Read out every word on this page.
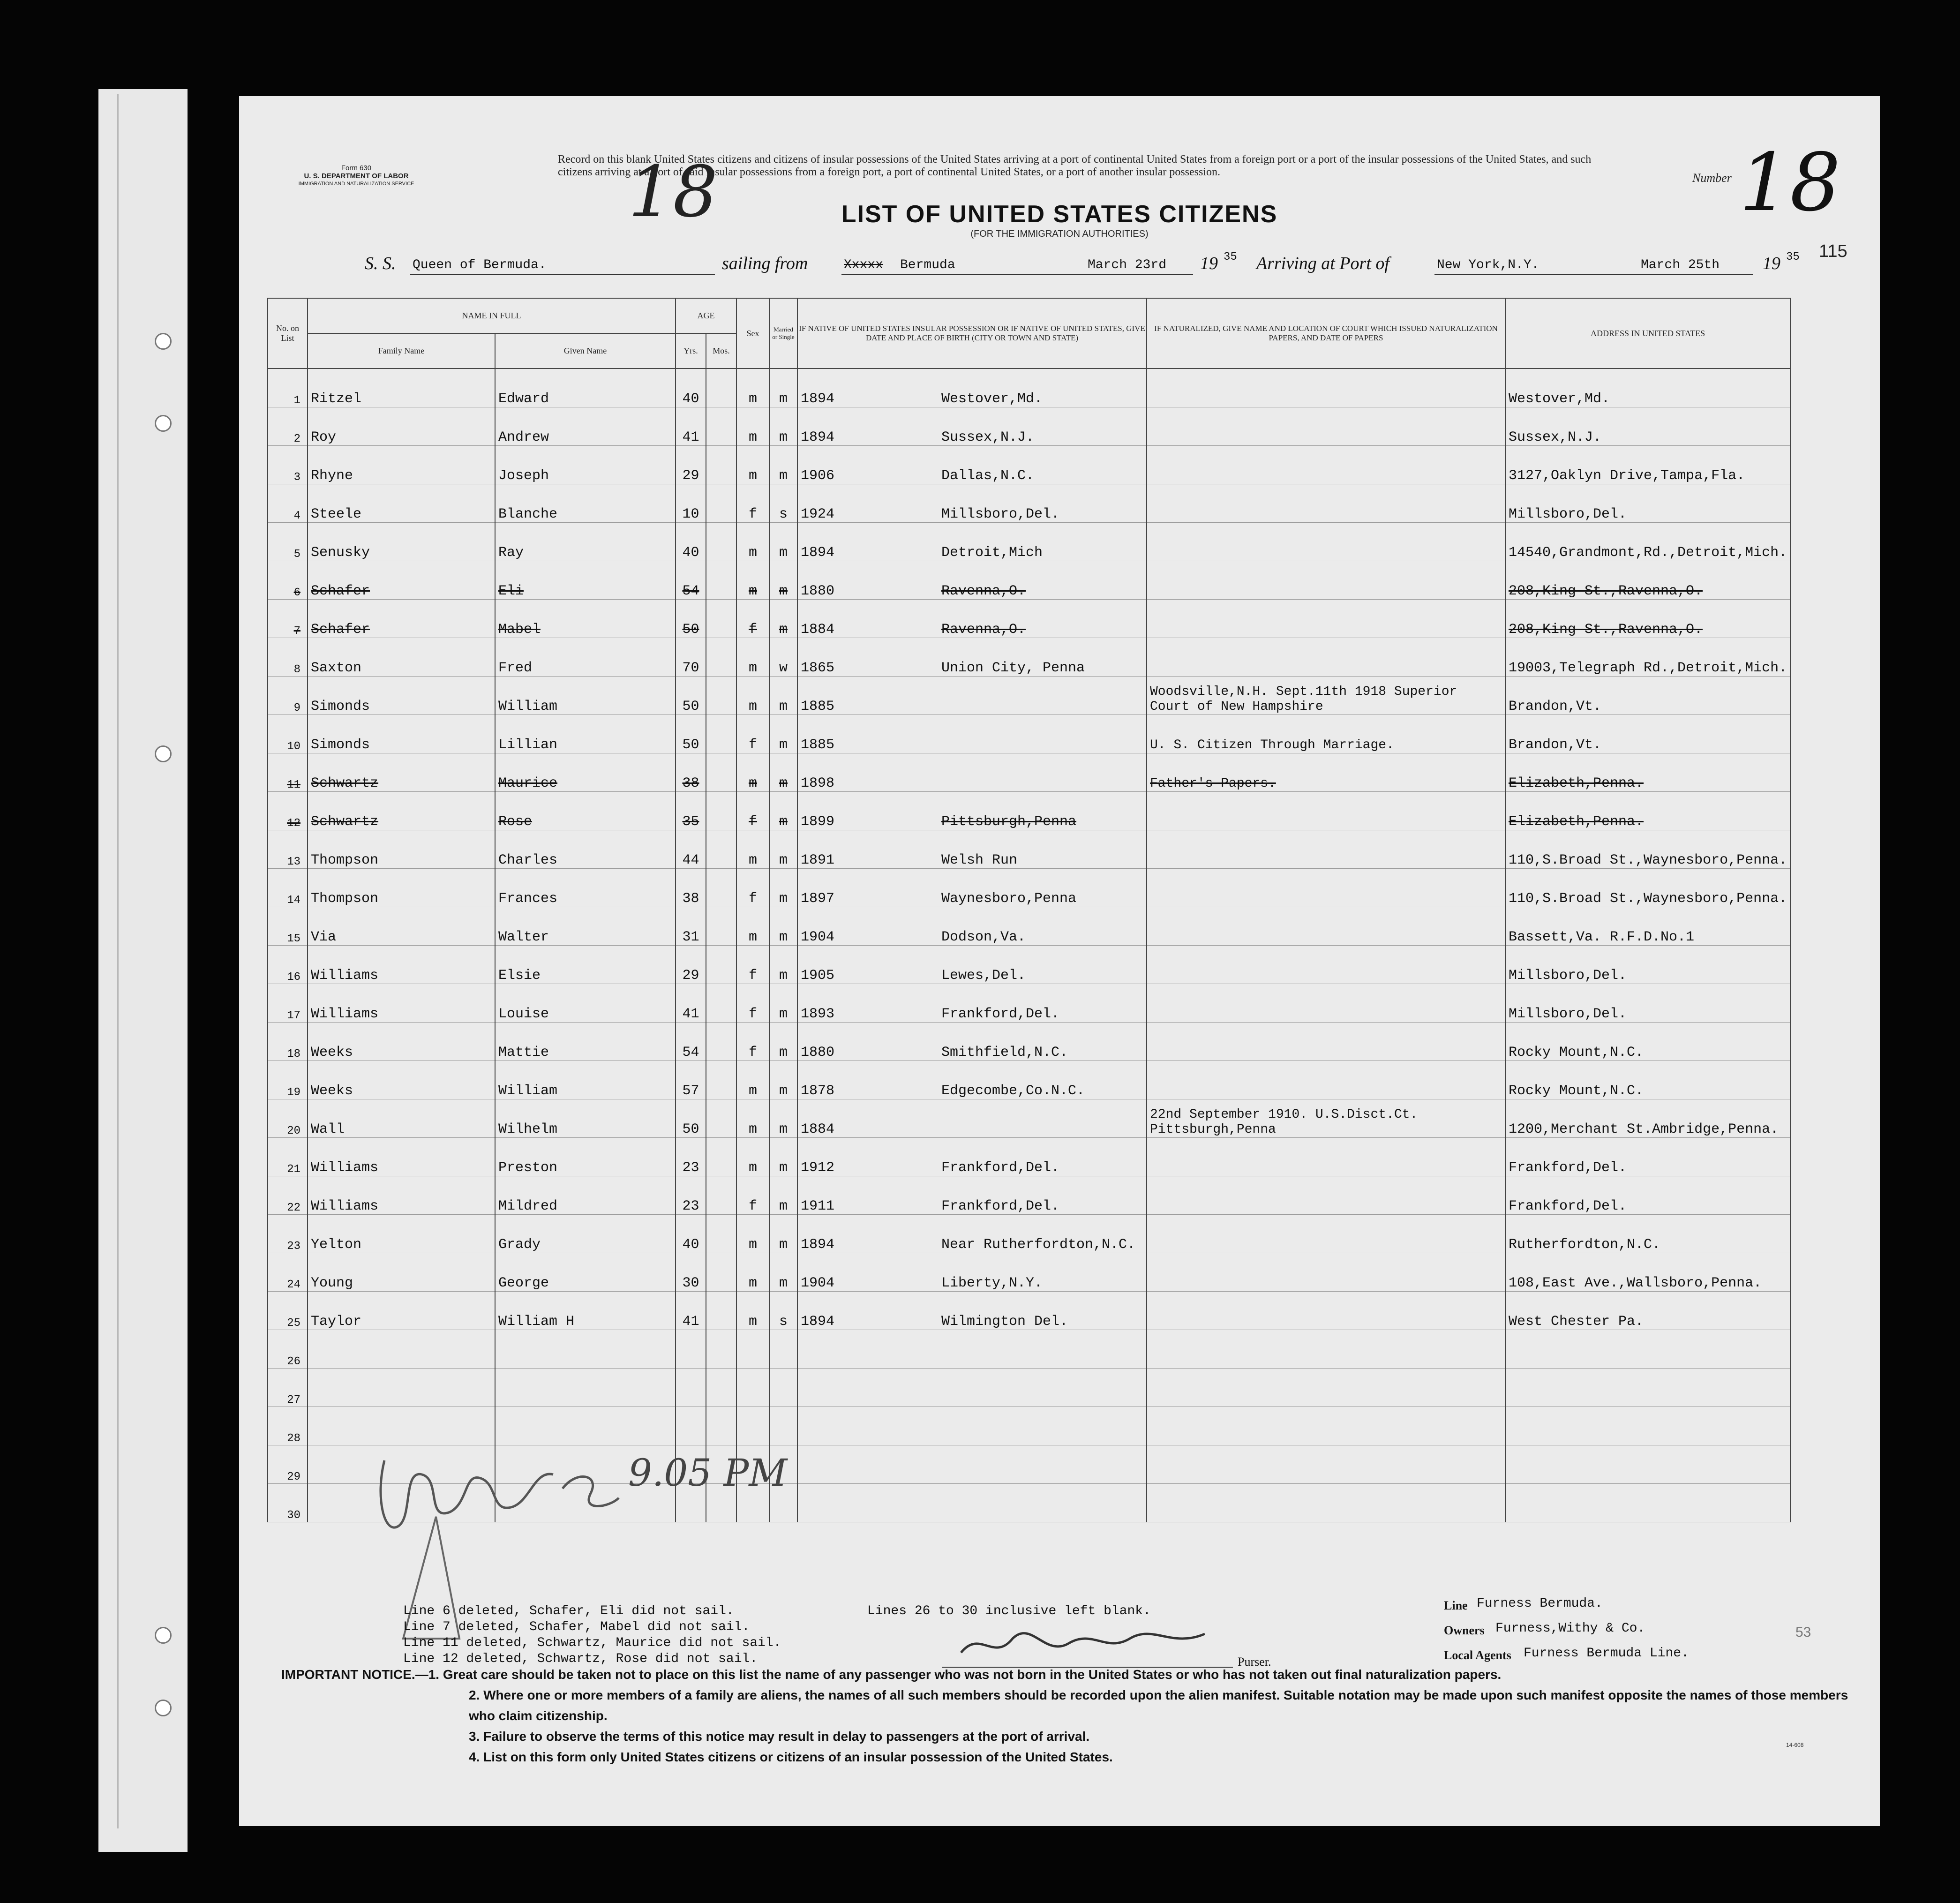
Form 630
U. S. DEPARTMENT OF LABOR
IMMIGRATION AND NATURALIZATION SERVICE
Record on this blank United States citizens and citizens of insular possessions of the United States arriving at a port of continental United States from a foreign port or a port of the insular possessions of the United States, and such citizens arriving at a port of said insular possessions from a foreign port, a port of continental United States, or a port of another insular possession.
18	LIST OF UNITED STATES CITIZENS
(FOR THE IMMIGRATION AUTHORITIES)
Number 18
115
S. S. Queen of Bermuda.	sailing from	Xxxxx Bermuda	March 23rd 19 35 Arriving at Port of	New York,N.Y.	March 25th 19 35
No. on List	NAME IN FULL		AGE		Sex	Married or Single	IF NATIVE OF UNITED STATES INSULAR POSSESSION OR IF NATIVE OF UNITED STATES, GIVE DATE AND PLACE OF BIRTH (CITY OR TOWN AND STATE)	IF NATURALIZED, GIVE NAME AND LOCATION OF COURT WHICH ISSUED NATURALIZATION PAPERS, AND DATE OF PAPERS	ADDRESS IN UNITED STATES
	Family Name	Given Name	Yrs.	Mos.					
1	Ritzel	Edward	40		m	m	1894 Westover,Md.		Westover,Md.
2	Roy	Andrew	41		m	m	1894 Sussex,N.J.		Sussex,N.J.
3	Rhyne	Joseph	29		m	m	1906 Dallas,N.C.		3127,Oaklyn Drive,Tampa,Fla.
4	Steele	Blanche	10		f	s	1924 Millsboro,Del.		Millsboro,Del.
5	Senusky	Ray	40		m	m	1894 Detroit,Mich		14540,Grandmont,Rd.,Detroit,Mich.
6	Schafer	Eli	54		m	m	1880 Ravenna,O.		208,King St.,Ravenna,O.
7	Schafer	Mabel	50		f	m	1884 Ravenna,O.		208,King St.,Ravenna,O.
8	Saxton	Fred	70		m	w	1865 Union City, Penna		19003,Telegraph Rd.,Detroit,Mich.
9	Simonds	William	50		m	m	1885	Woodsville,N.H. Sept.11th 1918 Superior Court of New Hampshire	Brandon,Vt.
10	Simonds	Lillian	50		f	m	1885	U. S. Citizen Through Marriage.	Brandon,Vt.
11	Schwartz	Maurice	38		m	m	1898	Father's Papers.	Elizabeth,Penna.
12	Schwartz	Rose	35		f	m	1899 Pittsburgh,Penna		Elizabeth,Penna.
13	Thompson	Charles	44		m	m	1891 Welsh Run		110,S.Broad St.,Waynesboro,Penna.
14	Thompson	Frances	38		f	m	1897 Waynesboro,Penna		110,S.Broad St.,Waynesboro,Penna.
15	Via	Walter	31		m	m	1904 Dodson,Va.		Bassett,Va. R.F.D.No.1
16	Williams	Elsie	29		f	m	1905 Lewes,Del.		Millsboro,Del.
17	Williams	Louise	41		f	m	1893 Frankford,Del.		Millsboro,Del.
18	Weeks	Mattie	54		f	m	1880 Smithfield,N.C.		Rocky Mount,N.C.
19	Weeks	William	57		m	m	1878 Edgecombe,Co.N.C.		Rocky Mount,N.C.
20	Wall	Wilhelm	50		m	m	1884	22nd September 1910. U.S.Disct.Ct. Pittsburgh,Penna	1200,Merchant St.Ambridge,Penna.
21	Williams	Preston	23		m	m	1912 Frankford,Del.		Frankford,Del.
22	Williams	Mildred	23		f	m	1911 Frankford,Del.		Frankford,Del.
23	Yelton	Grady	40		m	m	1894 Near Rutherfordton,N.C.		Rutherfordton,N.C.
24	Young	George	30		m	m	1904 Liberty,N.Y.		108,East Ave.,Wallsboro,Penna.
25	Taylor	William H	41		m	s	1894 Wilmington Del.		West Chester Pa.
26									
27									
28									
29									
30									
9.05 PM
Line 6 deleted, Schafer, Eli did not sail.
Line 7 deleted, Schafer, Mabel did not sail.
Line 11 deleted, Schwartz, Maurice did not sail.
Line 12 deleted, Schwartz, Rose did not sail.
Lines 26 to 30 inclusive left blank.
Purser.
Line Furness Bermuda.
Owners Furness,Withy & Co.
Local Agents Furness Bermuda Line.
53

IMPORTANT NOTICE.—1. Great care should be taken not to place on this list the name of any passenger who was not born in the United States or who has not taken out final naturalization papers.

2. Where one or more members of a family are aliens, the names of all such members should be recorded upon the alien manifest. Suitable notation may be made upon such manifest opposite the names of those members who claim citizenship.

3. Failure to observe the terms of this notice may result in delay to passengers at the port of arrival.

4. List on this form only United States citizens or citizens of an insular possession of the United States.

14-608
